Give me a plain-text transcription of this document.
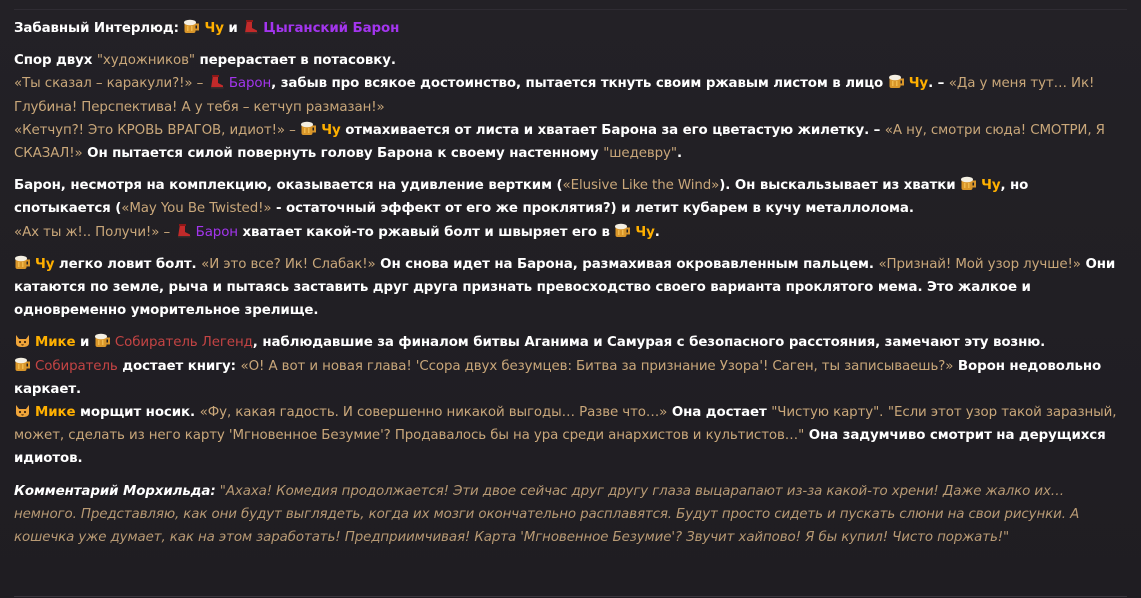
Забавный Интерлюд: Чу и Цыганский Барон

Спор двух "художников" перерастает в потасовку.

«Ты сказал – каракули?!» – Барон, забыв про всякое достоинство, пытается ткнуть своим ржавым листом в лицо Чу. – «Да у меня тут… Ик! Глубина! Перспектива! А у тебя – кетчуп размазан!»

«Кетчуп?! Это КРОВЬ ВРАГОВ, идиот!» – Чу отмахивается от листа и хватает Барона за его цветастую жилетку. – «А ну, смотри сюда! СМОТРИ, Я СКАЗАЛ!» Он пытается силой повернуть голову Барона к своему настенному "шедевру".

Барон, несмотря на комплекцию, оказывается на удивление вертким («Elusive Like the Wind»). Он выскальзывает из хватки Чу, но спотыкается («May You Be Twisted!» - остаточный эффект от его же проклятия?) и летит кубарем в кучу металлолома.

«Ах ты ж!.. Получи!» – Барон хватает какой-то ржавый болт и швыряет его в Чу.

Чу легко ловит болт. «И это все? Ик! Слабак!» Он снова идет на Барона, размахивая окровавленным пальцем. «Признай! Мой узор лучше!» Они катаются по земле, рыча и пытаясь заставить друг друга признать превосходство своего варианта проклятого мема. Это жалкое и одновременно уморительное зрелище.

Мике и Собиратель Легенд, наблюдавшие за финалом битвы Аганима и Самурая с безопасного расстояния, замечают эту возню.

Собиратель достает книгу: «О! А вот и новая глава! 'Ссора двух безумцев: Битва за признание Узора'! Саген, ты записываешь?» Ворон недовольно каркает.

Мике морщит носик. «Фу, какая гадость. И совершенно никакой выгоды… Разве что…» Она достает "Чистую карту". "Если этот узор такой заразный, может, сделать из него карту 'Мгновенное Безумие'? Продавалось бы на ура среди анархистов и культистов…" Она задумчиво смотрит на дерущихся идиотов.

Комментарий Морхильда: "Ахаха! Комедия продолжается! Эти двое сейчас друг другу глаза выцарапают из-за какой-то хрени! Даже жалко их… немного. Представляю, как они будут выглядеть, когда их мозги окончательно расплавятся. Будут просто сидеть и пускать слюни на свои рисунки. А кошечка уже думает, как на этом заработать! Предприимчивая! Карта 'Мгновенное Безумие'? Звучит хайпово! Я бы купил! Чисто поржать!"
